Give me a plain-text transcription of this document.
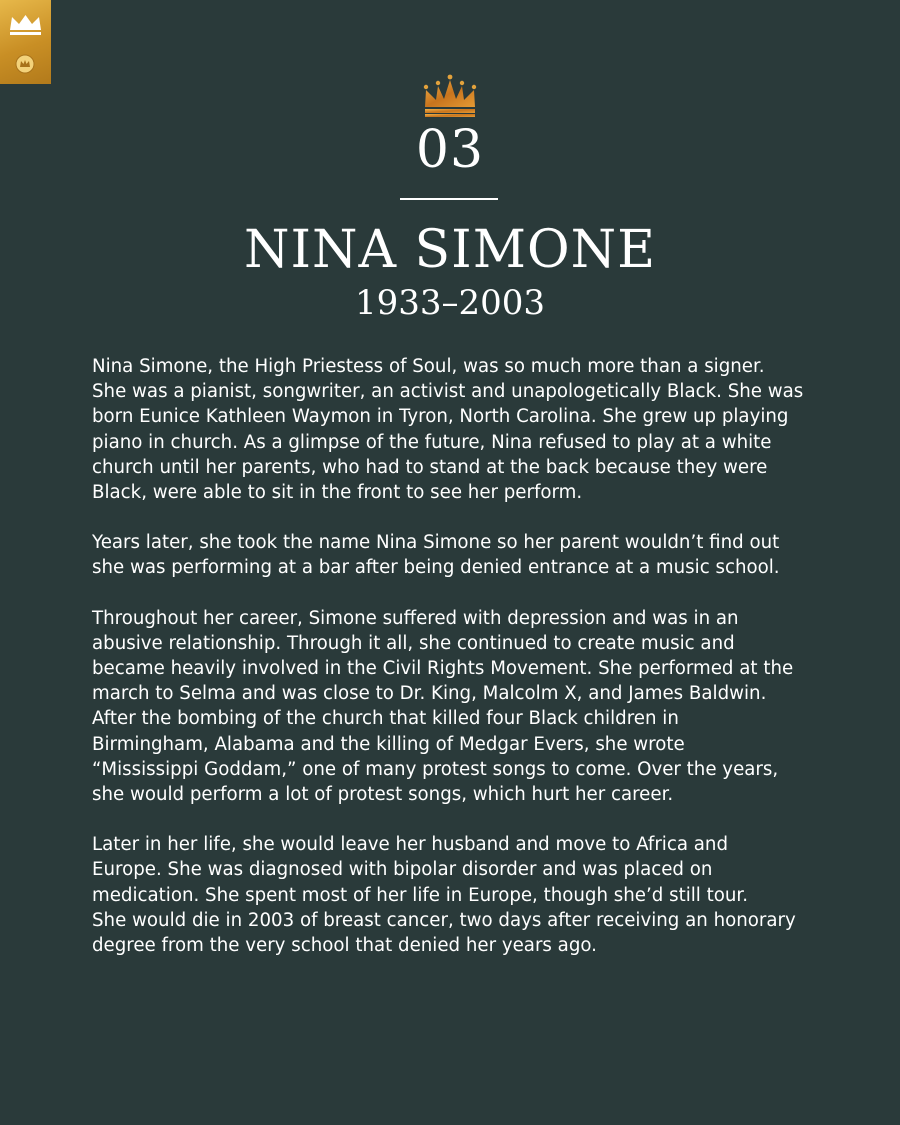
03
NINA SIMONE
1933–2003

Nina Simone, the High Priestess of Soul, was so much more than a signer.
She was a pianist, songwriter, an activist and unapologetically Black. She was
born Eunice Kathleen Waymon in Tyron, North Carolina. She grew up playing
piano in church. As a glimpse of the future, Nina refused to play at a white
church until her parents, who had to stand at the back because they were
Black, were able to sit in the front to see her perform.

Years later, she took the name Nina Simone so her parent wouldn’t find out
she was performing at a bar after being denied entrance at a music school.

Throughout her career, Simone suffered with depression and was in an
abusive relationship. Through it all, she continued to create music and
became heavily involved in the Civil Rights Movement. She performed at the
march to Selma and was close to Dr. King, Malcolm X, and James Baldwin.
After the bombing of the church that killed four Black children in
Birmingham, Alabama and the killing of Medgar Evers, she wrote
“Mississippi Goddam,” one of many protest songs to come. Over the years,
she would perform a lot of protest songs, which hurt her career.

Later in her life, she would leave her husband and move to Africa and
Europe. She was diagnosed with bipolar disorder and was placed on
medication. She spent most of her life in Europe, though she’d still tour.
She would die in 2003 of breast cancer, two days after receiving an honorary
degree from the very school that denied her years ago.
